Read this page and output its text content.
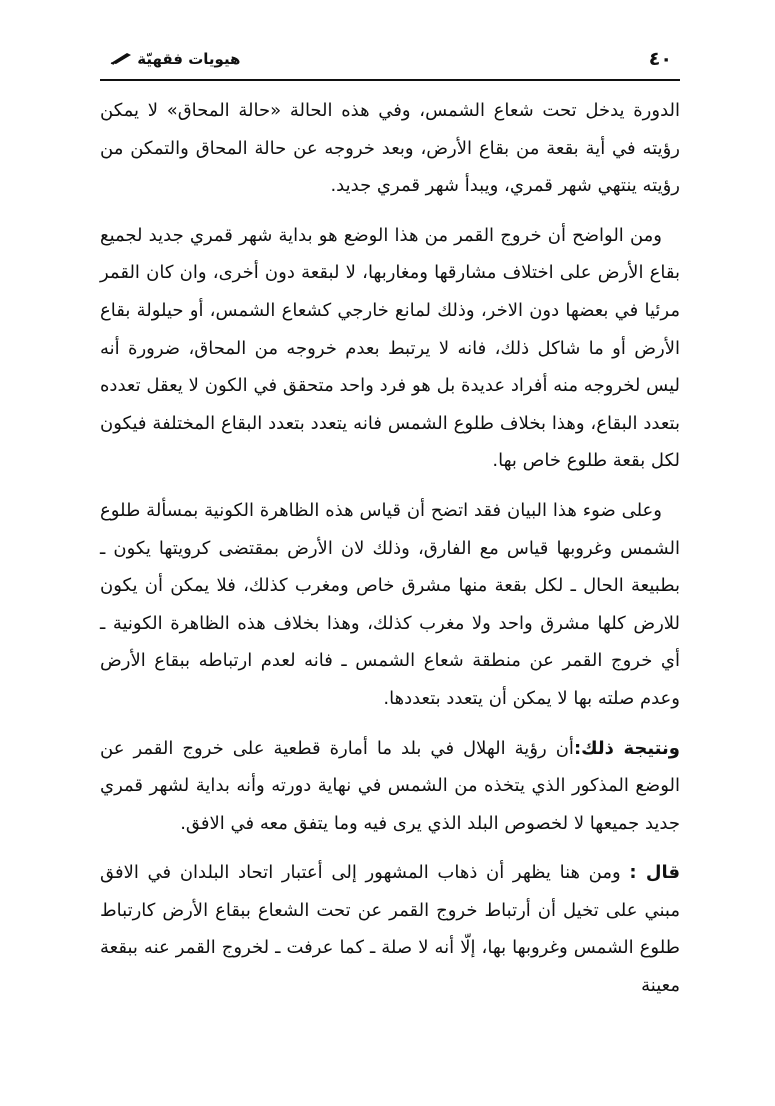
٤٠
هيويات فقهيّة

الدورة يدخل تحت شعاع الشمس، وفي هذه الحالة «حالة المحاق» لا يمكن رؤيته في أية بقعة من بقاع الأرض، وبعد خروجه عن حالة المحاق والتمكن من رؤيته ينتهي شهر قمري، ويبدأ شهر قمري جديد.

ومن الواضح أن خروج القمر من هذا الوضع هو بداية شهر قمري جديد لجميع بقاع الأرض على اختلاف مشارقها ومغاربها، لا لبقعة دون أخرى، وان كان القمر مرئيا في بعضها دون الاخر، وذلك لمانع خارجي كشعاع الشمس، أو حيلولة بقاع الأرض أو ما شاكل ذلك، فانه لا يرتبط بعدم خروجه من المحاق، ضرورة أنه ليس لخروجه منه أفراد عديدة بل هو فرد واحد متحقق في الكون لا يعقل تعدده بتعدد البقاع، وهذا بخلاف طلوع الشمس فانه يتعدد بتعدد البقاع المختلفة فيكون لكل بقعة طلوع خاص بها.

وعلى ضوء هذا البيان فقد اتضح أن قياس هذه الظاهرة الكونية بمسألة طلوع الشمس وغروبها قياس مع الفارق، وذلك لان الأرض بمقتضى كرويتها يكون ـ بطبيعة الحال ـ لكل بقعة منها مشرق خاص ومغرب كذلك، فلا يمكن أن يكون للارض كلها مشرق واحد ولا مغرب كذلك، وهذا بخلاف هذه الظاهرة الكونية ـ أي خروج القمر عن منطقة شعاع الشمس ـ فانه لعدم ارتباطه ببقاع الأرض وعدم صلته بها لا يمكن أن يتعدد بتعددها.

ونتيجة ذلك:أن رؤية الهلال في بلد ما أمارة قطعية على خروج القمر عن الوضع المذكور الذي يتخذه من الشمس في نهاية دورته وأنه بداية لشهر قمري جديد جميعها لا لخصوص البلد الذي يرى فيه وما يتفق معه في الافق.

قال : ومن هنا يظهر أن ذهاب المشهور إلى أعتبار اتحاد البلدان في الافق مبني على تخيل أن أرتباط خروج القمر عن تحت الشعاع ببقاع الأرض كارتباط طلوع الشمس وغروبها بها، إلّا أنه لا صلة ـ كما عرفت ـ لخروج القمر عنه ببقعة معينة
